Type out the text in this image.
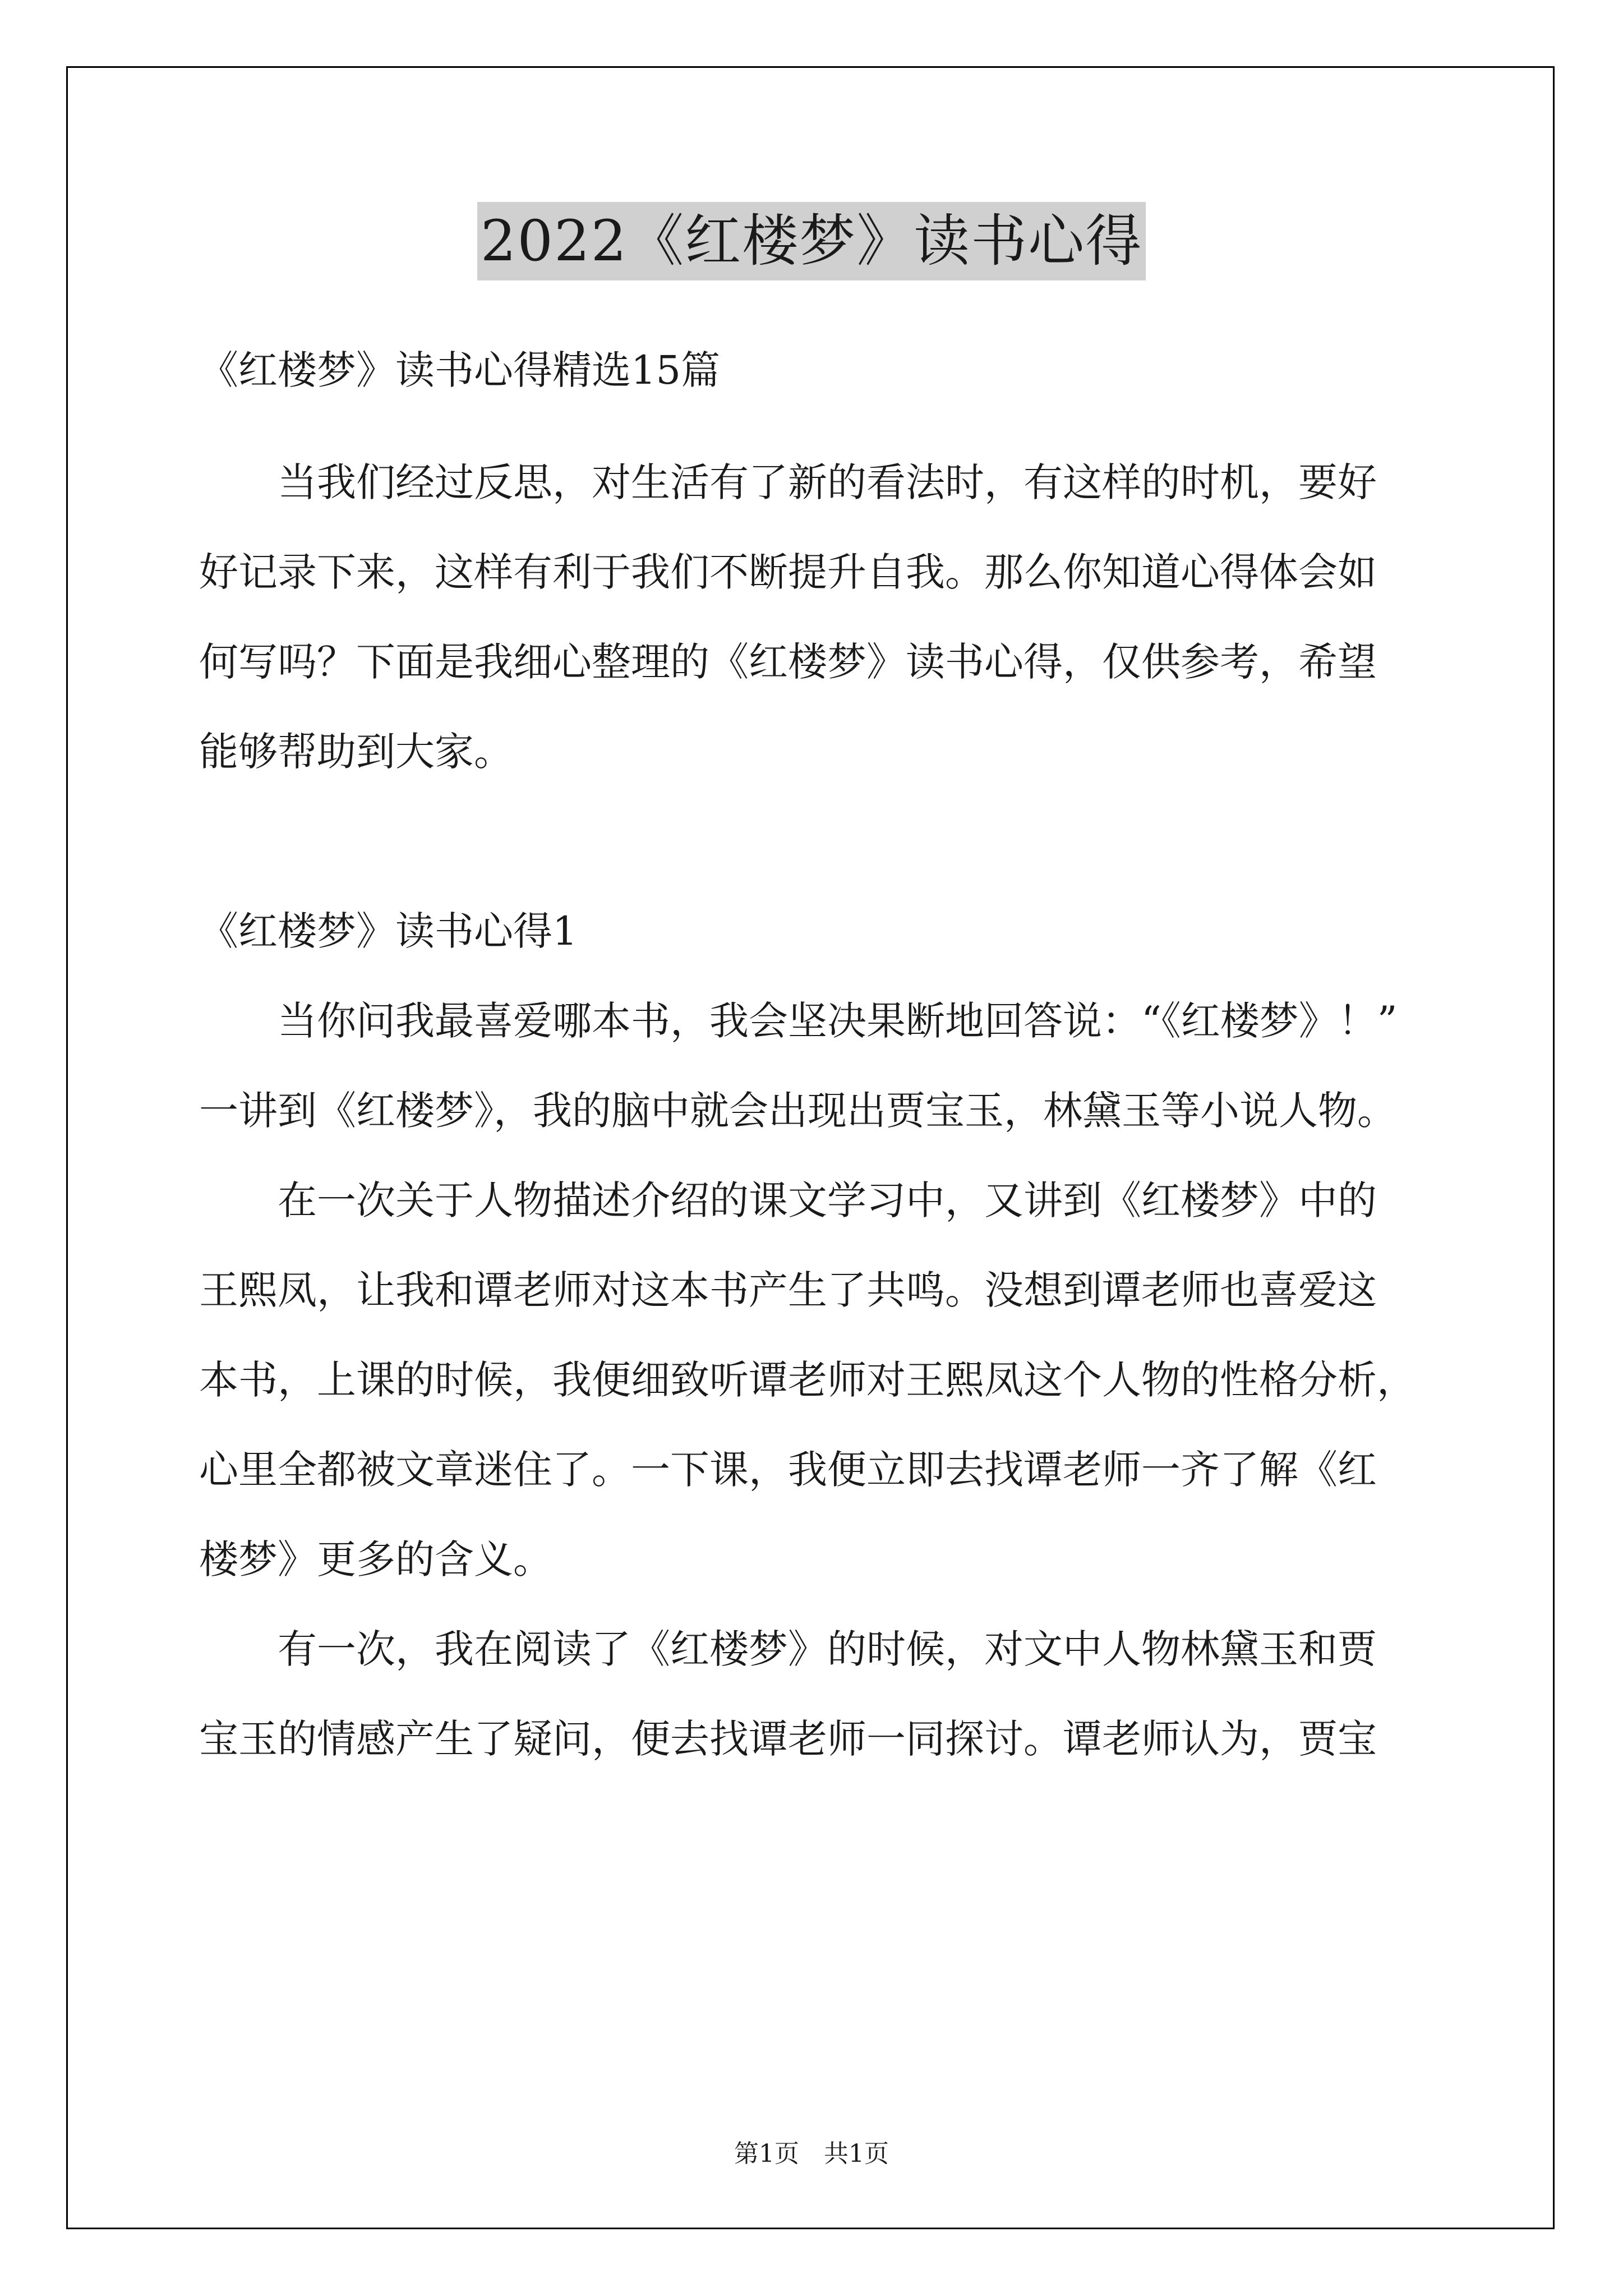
2022《红楼梦》读书心得
《红楼梦》读书心得精选15篇
当我们经过反思，对生活有了新的看法时，有这样的时机，要好
好记录下来，这样有利于我们不断提升自我。那么你知道心得体会如
何写吗？下面是我细心整理的《红楼梦》读书心得，仅供参考，希望
能够帮助到大家。
《红楼梦》读书心得1
当你问我最喜爱哪本书，我会坚决果断地回答说：“《红楼梦》！”
一讲到《红楼梦》，我的脑中就会出现出贾宝玉，林黛玉等小说人物。
在一次关于人物描述介绍的课文学习中，又讲到《红楼梦》中的
王熙凤，让我和谭老师对这本书产生了共鸣。没想到谭老师也喜爱这
本书，上课的时候，我便细致听谭老师对王熙凤这个人物的性格分析，
心里全都被文章迷住了。一下课，我便立即去找谭老师一齐了解《红
楼梦》更多的含义。
有一次，我在阅读了《红楼梦》的时候，对文中人物林黛玉和贾
宝玉的情感产生了疑问，便去找谭老师一同探讨。谭老师认为，贾宝
第1页　共1页
